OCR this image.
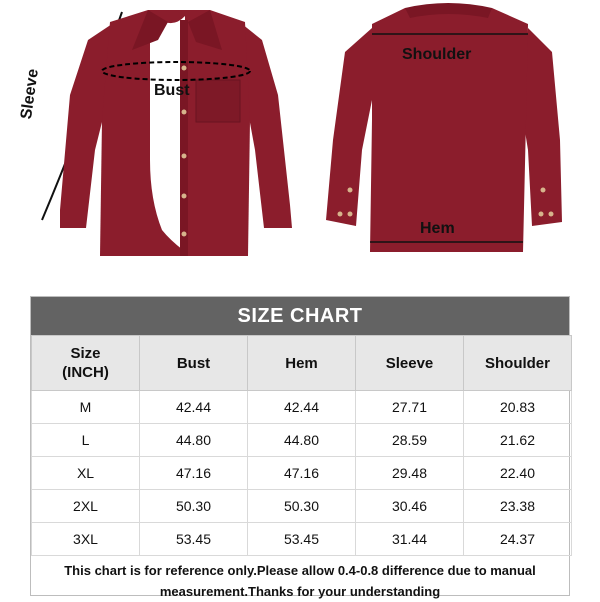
Sleeve	Bust
Shoulder
Hem
SIZE CHART
Size
(INCH)	Bust	Hem	Sleeve	Shoulder
M	42.44	42.44	27.71	20.83
L	44.80	44.80	28.59	21.62
XL	47.16	47.16	29.48	22.40
2XL	50.30	50.30	30.46	23.38
3XL	53.45	53.45	31.44	24.37
This chart is for reference only.Please allow 0.4-0.8 difference due to manual measurement.Thanks for your understanding
